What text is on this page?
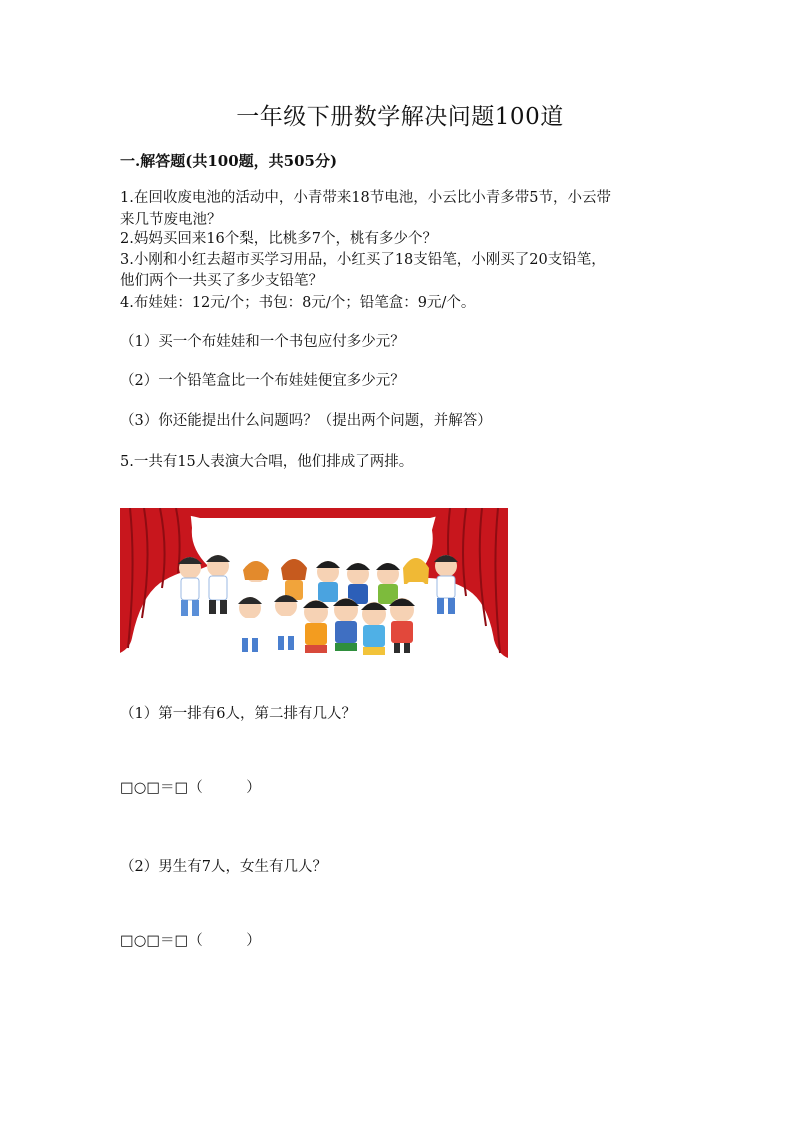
一年级下册数学解决问题100道
一.解答题(共100题，共505分)
1.在回收废电池的活动中，小青带来18节电池，小云比小青多带5节，小云带
来几节废电池？
2.妈妈买回来16个梨，比桃多7个，桃有多少个？
3.小刚和小红去超市买学习用品，小红买了18支铅笔，小刚买了20支铅笔，
他们两个一共买了多少支铅笔？
4.布娃娃：12元/个；书包：8元/个；铅笔盒：9元/个。
（1）买一个布娃娃和一个书包应付多少元？
（2）一个铅笔盒比一个布娃娃便宜多少元？
（3）你还能提出什么问题吗？（提出两个问题，并解答）
5.一共有15人表演大合唱，他们排成了两排。
（1）第一排有6人，第二排有几人？
□○□＝□（　　　）
（2）男生有7人，女生有几人？
□○□＝□（　　　）
